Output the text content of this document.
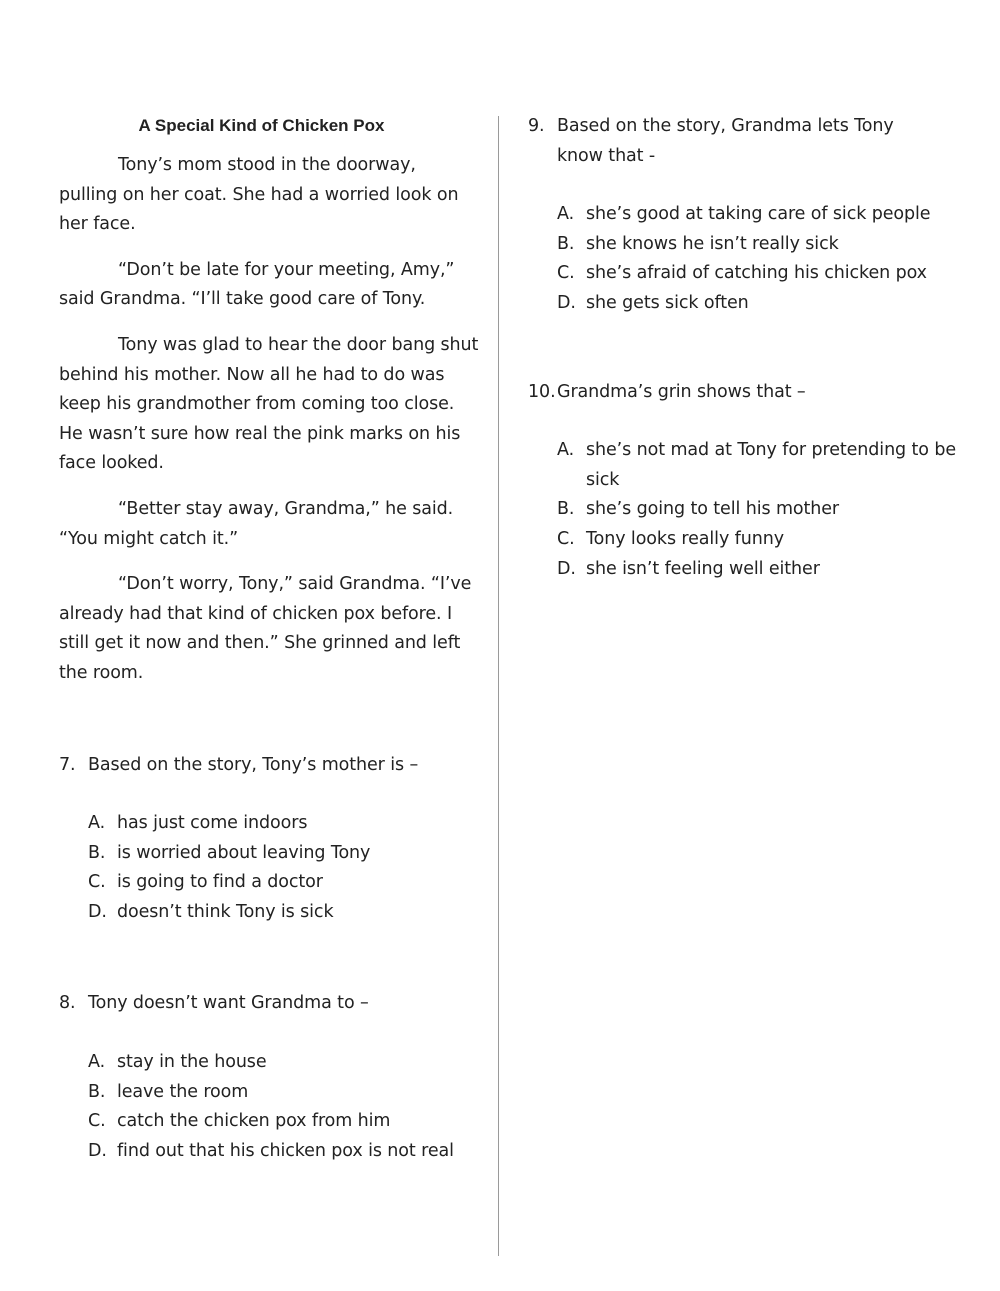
A Special Kind of Chicken Pox

Tony’s mom stood in the doorway, pulling on her coat. She had a worried look on her face.

“Don’t be late for your meeting, Amy,” said Grandma. “I’ll take good care of Tony.

Tony was glad to hear the door bang shut behind his mother. Now all he had to do was keep his grandmother from coming too close. He wasn’t sure how real the pink marks on his face looked.

“Better stay away, Grandma,” he said. “You might catch it.”

“Don’t worry, Tony,” said Grandma. “I’ve already had that kind of chicken pox before. I still get it now and then.” She grinned and left the room.

7. Based on the story, Tony’s mother is –
A. has just come indoors
B. is worried about leaving Tony
C. is going to find a doctor
D. doesn’t think Tony is sick
8. Tony doesn’t want Grandma to –
A. stay in the house
B. leave the room
C. catch the chicken pox from him
D. find out that his chicken pox is not real
9. Based on the story, Grandma lets Tony know that -
A. she’s good at taking care of sick people
B. she knows he isn’t really sick
C. she’s afraid of catching his chicken pox
D. she gets sick often
10. Grandma’s grin shows that –
A. she’s not mad at Tony for pretending to be sick
B. she’s going to tell his mother
C. Tony looks really funny
D. she isn’t feeling well either
